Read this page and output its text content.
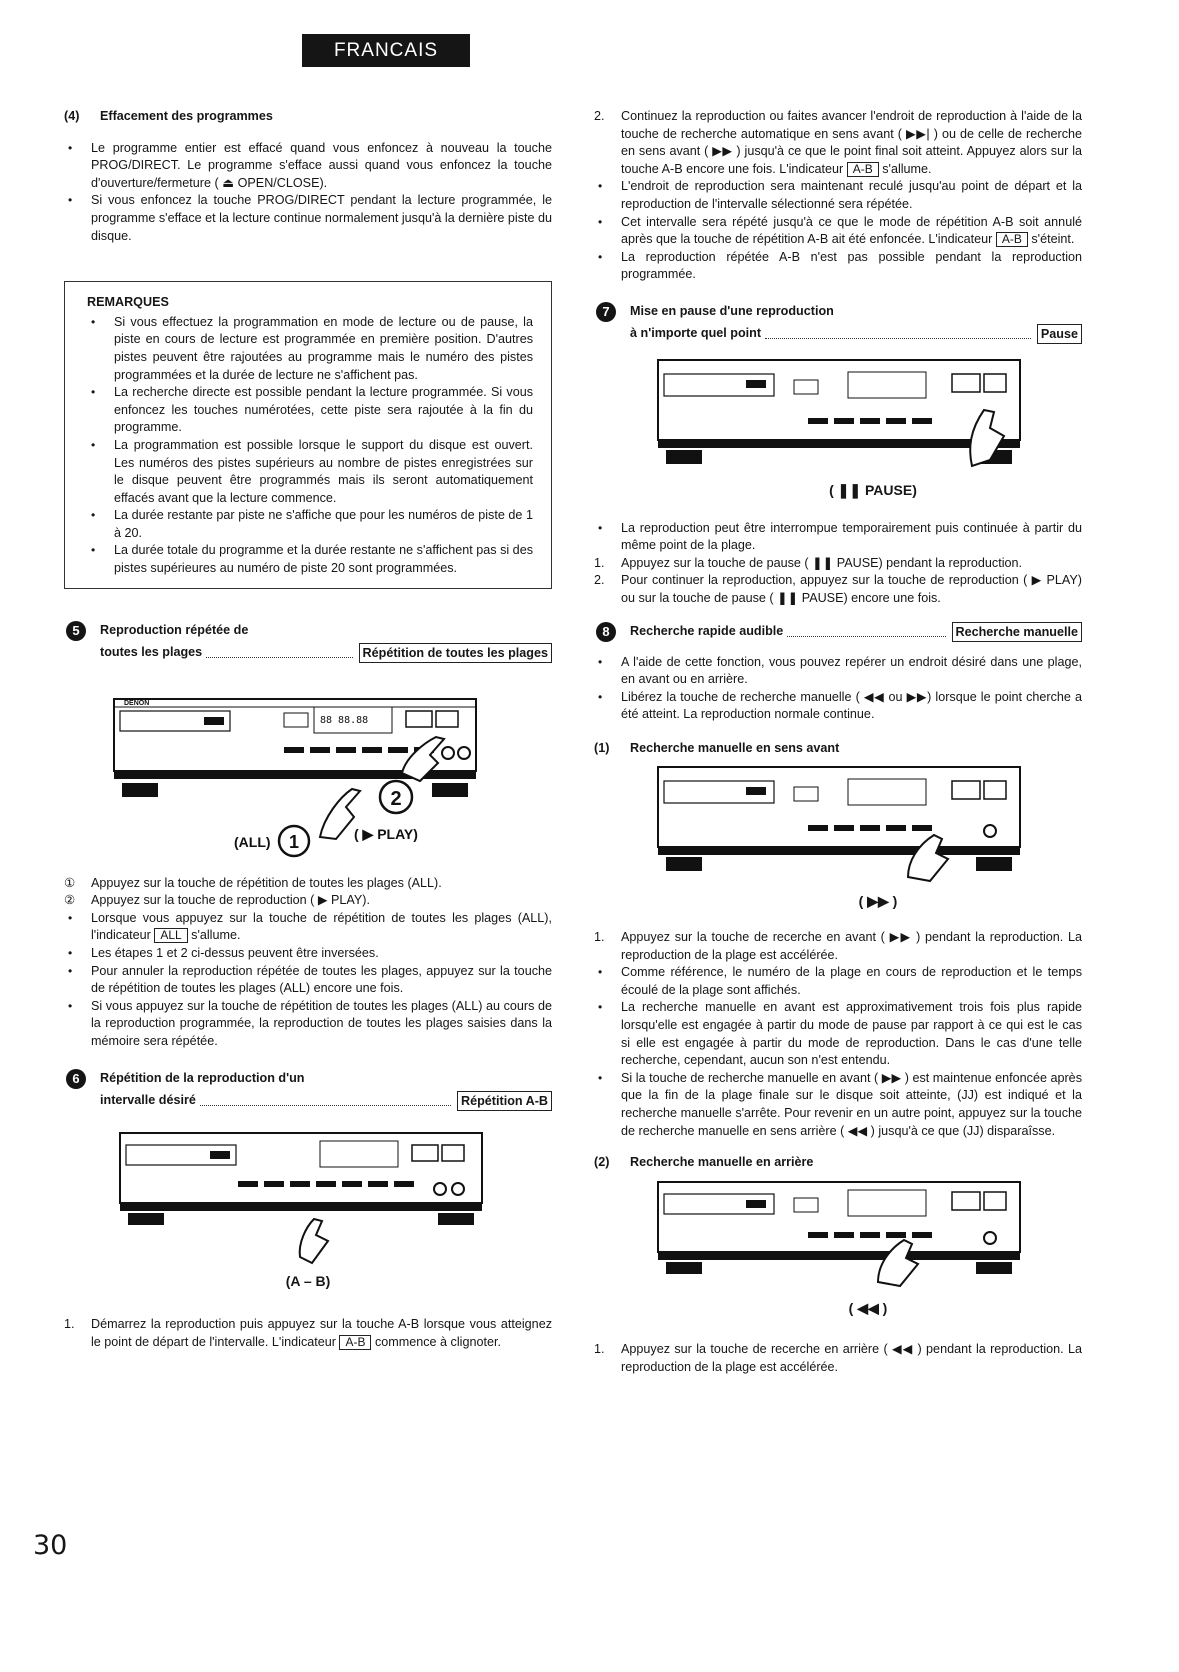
FRANCAIS
(4)	Effacement des programmes
• Le programme entier est effacé quand vous enfoncez à nouveau la touche PROG/DIRECT. Le programme s'efface aussi quand vous enfoncez la touche d'ouverture/fermeture ( ⏏ OPEN/CLOSE).
• Si vous enfoncez la touche PROG/DIRECT pendant la lecture programmée, le programme s'efface et la lecture continue normalement jusqu'à la dernière piste du disque.
REMARQUES
• Si vous effectuez la programmation en mode de lecture ou de pause, la piste en cours de lecture est programmée en première position. D'autres pistes peuvent être rajoutées au programme mais le numéro des pistes programmées et la durée de lecture ne s'affichent pas.
• La recherche directe est possible pendant la lecture programmée. Si vous enfoncez les touches numérotées, cette piste sera rajoutée à la fin du programme.
• La programmation est possible lorsque le support du disque est ouvert. Les numéros des pistes supérieurs au nombre de pistes enregistrées sur le disque peuvent être programmés mais ils seront automatiquement effacés avant que la lecture commence.
• La durée restante par piste ne s'affiche que pour les numéros de piste de 1 à 20.
• La durée totale du programme et la durée restante ne s'affichent pas si des pistes supérieures au numéro de piste 20 sont programmées.
5	Reproduction répétée de
toutes les plages	Répétition de toutes les plages
88 88.88
DENON
2
1
(ALL)	( ▶ PLAY)
① Appuyez sur la touche de répétition de toutes les plages (ALL).
② Appuyez sur la touche de reproduction ( ▶ PLAY).
• Lorsque vous appuyez sur la touche de répétition de toutes les plages (ALL), l'indicateur ALL s'allume.
• Les étapes 1 et 2 ci-dessus peuvent être inversées.
• Pour annuler la reproduction répétée de toutes les plages, appuyez sur la touche de répétition de toutes les plages (ALL) encore une fois.
• Si vous appuyez sur la touche de répétition de toutes les plages (ALL) au cours de la reproduction programmée, la reproduction de toutes les plages saisies dans la mémoire sera répétée.
6	Répétition de la reproduction d'un
intervalle désiré	Répétition A-B
(A – B)
1. Démarrez la reproduction puis appuyez sur la touche A-B lorsque vous atteignez le point de départ de l'intervalle. L'indicateur A-B commence à clignoter.
2. Continuez la reproduction ou faites avancer l'endroit de reproduction à l'aide de la touche de recherche automatique en sens avant ( ▶▶| ) ou de celle de recherche en sens avant ( ▶▶ ) jusqu'à ce que le point final soit atteint. Appuyez alors sur la touche A-B encore une fois. L'indicateur A-B s'allume.
• L'endroit de reproduction sera maintenant reculé jusqu'au point de départ et la reproduction de l'intervalle sélectionné sera répétée.
• Cet intervalle sera répété jusqu'à ce que le mode de répétition A-B soit annulé après que la touche de répétition A-B ait été enfoncée. L'indicateur A-B s'éteint.
• La reproduction répétée A-B n'est pas possible pendant la reproduction programmée.
7	Mise en pause d'une reproduction
à n'importe quel point	Pause
( ❚❚ PAUSE)
• La reproduction peut être interrompue temporairement puis continuée à partir du même point de la plage.
1. Appuyez sur la touche de pause ( ❚❚ PAUSE) pendant la reproduction.
2. Pour continuer la reproduction, appuyez sur la touche de reproduction ( ▶ PLAY) ou sur la touche de pause ( ❚❚ PAUSE) encore une fois.
8	Recherche rapide audible	Recherche manuelle
• A l'aide de cette fonction, vous pouvez repérer un endroit désiré dans une plage, en avant ou en arrière.
• Libérez la touche de recherche manuelle ( ◀◀ ou ▶▶) lorsque le point cherche a été atteint. La reproduction normale continue.
(1)	Recherche manuelle en sens avant
( ▶▶ )
1. Appuyez sur la touche de recerche en avant ( ▶▶ ) pendant la reproduction. La reproduction de la plage est accélérée.
• Comme référence, le numéro de la plage en cours de reproduction et le temps écoulé de la plage sont affichés.
• La recherche manuelle en avant est approximativement trois fois plus rapide lorsqu'elle est engagée à partir du mode de pause par rapport à ce qui est le cas si elle est engagée à partir du mode de reproduction. Dans le cas d'une telle recherche, cependant, aucun son n'est entendu.
• Si la touche de recherche manuelle en avant ( ▶▶ ) est maintenue enfoncée après que la fin de la plage finale sur le disque soit atteinte, (ЈЈ) est indiqué et la recherche manuelle s'arrête. Pour revenir en un autre point, appuyez sur la touche de recherche manuelle en sens arrière ( ◀◀ ) jusqu'à ce que (ЈЈ) disparaîsse.
(2)	Recherche manuelle en arrière
( ◀◀ )
1. Appuyez sur la touche de recerche en arrière ( ◀◀ ) pendant la reproduction. La reproduction de la plage est accélérée.
30
